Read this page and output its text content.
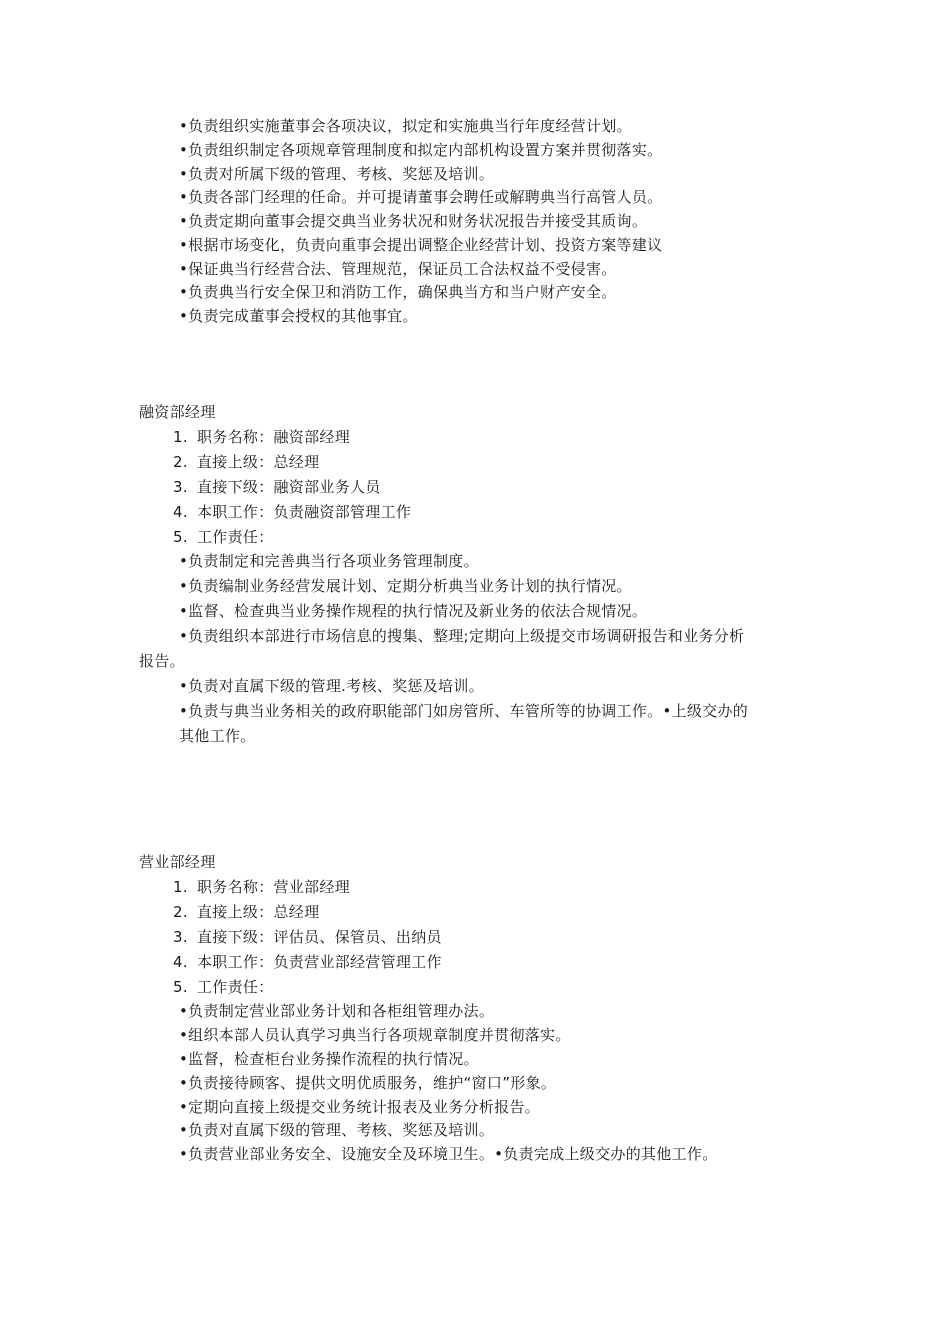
•负责组织实施董事会各项决议，拟定和实施典当行年度经营计划。
•负责组织制定各项规章管理制度和拟定内部机构设置方案并贯彻落实。
•负责对所属下级的管理、考核、奖惩及培训。
•负责各部门经理的任命。并可提请董事会聘任或解聘典当行高管人员。
•负责定期向董事会提交典当业务状况和财务状况报告并接受其质询。
•根据市场变化，负责向重事会提出调整企业经营计划、投资方案等建议
•保证典当行经营合法、管理规范，保证员工合法权益不受侵害。
•负责典当行安全保卫和消防工作，确保典当方和当户财产安全。
•负责完成董事会授权的其他事宜。
融资部经理
1. 职务名称：融资部经理
2. 直接上级：总经理
3. 直接下级：融资部业务人员
4. 本职工作：负责融资部管理工作
5. 工作责任：
•负责制定和完善典当行各项业务管理制度。
•负责编制业务经营发展计划、定期分析典当业务计划的执行情况。
•监督、检查典当业务操作规程的执行情况及新业务的依法合规情况。
•负责组织本部进行市场信息的搜集、整理;定期向上级提交市场调研报告和业务分析
报告。
•负责对直属下级的管理.考核、奖惩及培训。
•负责与典当业务相关的政府职能部门如房管所、车管所等的协调工作。•上级交办的
其他工作。
营业部经理
1. 职务名称：营业部经理
2. 直接上级：总经理
3. 直接下级：评估员、保管员、出纳员
4. 本职工作：负责营业部经营管理工作
5. 工作责任：
•负责制定营业部业务计划和各柜组管理办法。
•组织本部人员认真学习典当行各项规章制度并贯彻落实。
•监督，检查柜台业务操作流程的执行情况。
•负责接待顾客、提供文明优质服务，维护“窗口”形象。
•定期向直接上级提交业务统计报表及业务分析报告。
•负责对直属下级的管理、考核、奖惩及培训。
•负责营业部业务安全、设施安全及环境卫生。•负责完成上级交办的其他工作。
